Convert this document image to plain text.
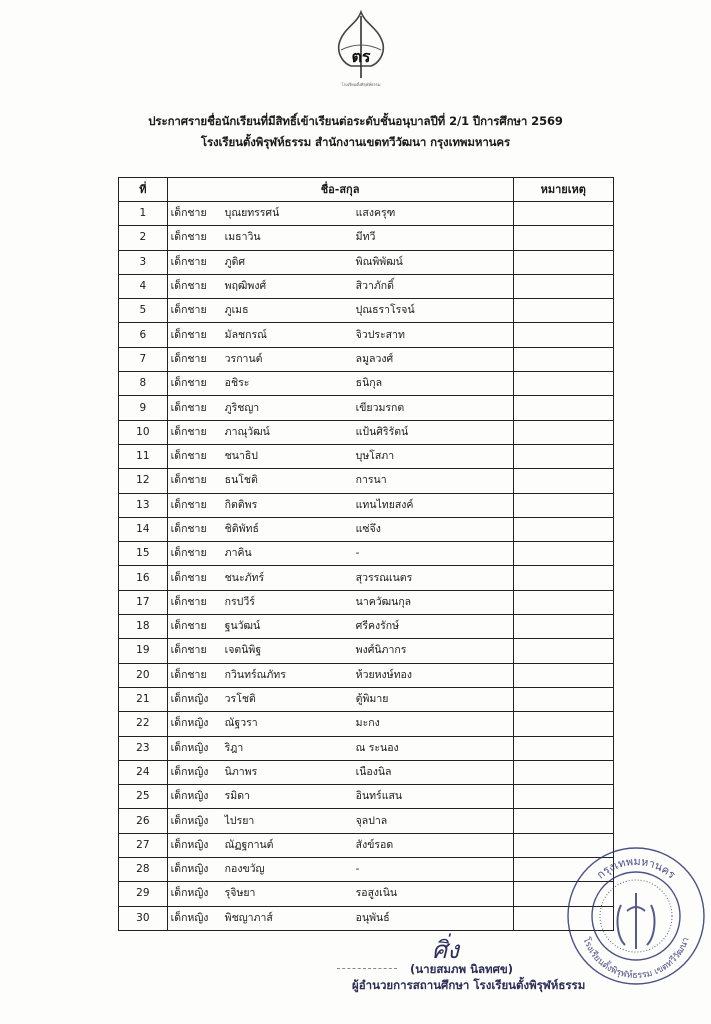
ตร
โรงเรียนตั้งพิรุฬห์ธรรม
ประกาศรายชื่อนักเรียนที่มีสิทธิ์เข้าเรียนต่อระดับชั้นอนุบาลปีที่ 2/1 ปีการศึกษา 2569
โรงเรียนตั้งพิรุฬห์ธรรม สำนักงานเขตทวีวัฒนา กรุงเทพมหานคร
ที่	ชื่อ-สกุล	หมายเหตุ
1	เด็กชาย บุณยทรรศน์ แสงครุฑ	

2	เด็กชาย เมธาวิน มีทวี	

3	เด็กชาย ภูดิศ พิณพิพัฒน์	

4	เด็กชาย พฤฒิพงศ์ สิวาภักดิ์	

5	เด็กชาย ภูเมธ ปุณธราโรจน์	

6	เด็กชาย มัลชกรณ์ จิวประสาท	

7	เด็กชาย วรกานต์ ลมูลวงศ์	

8	เด็กชาย อชิระ ธนิกุล	

9	เด็กชาย ภูริชญา เขียวมรกต	

10	เด็กชาย ภาณุวัฒน์ แป้นศิริรัตน์	

11	เด็กชาย ชนาธิป บุษโสภา	

12	เด็กชาย ธนโชติ การนา	

13	เด็กชาย กิตติพร แทนไทยสงค์	

14	เด็กชาย ชิติพัทธ์ แซ่จึง	

15	เด็กชาย ภาคิน -	

16	เด็กชาย ชนะภัทร์ สุวรรณเนตร	

17	เด็กชาย กรปวีร์ นาควัฒนกุล	

18	เด็กชาย ฐนวัฒน์ ศรีคงรักษ์	

19	เด็กชาย เจตนิพิฐ พงศ์นิภากร	

20	เด็กชาย กวินทร์ณภัทร ห้วยหงษ์ทอง	

21	เด็กหญิง วรโชติ ตู้พิมาย	

22	เด็กหญิง ณัฐวรา มะกง	

23	เด็กหญิง ริฎา ณ ระนอง	

24	เด็กหญิง นิภาพร เนืองนิล	

25	เด็กหญิง รมิดา อินทร์แสน	

26	เด็กหญิง ไปรยา จุลปาล	

27	เด็กหญิง ณัฏฐกานต์ สังข์รอด	

28	เด็กหญิง กองขวัญ -	

29	เด็กหญิง รุจิษยา รอสูงเนิน	

30	เด็กหญิง พิชญาภาส์ อนุพันธ์	

ศิ่ง
(นายสมภพ นิลทศข)
ผู้อำนวยการสถานศึกษา โรงเรียนตั้งพิรุฬห์ธรรม
กรุงเทพมหานคร
โรงเรียนตั้งพิรุฬห์ธรรม เขตทวีวัฒนา
